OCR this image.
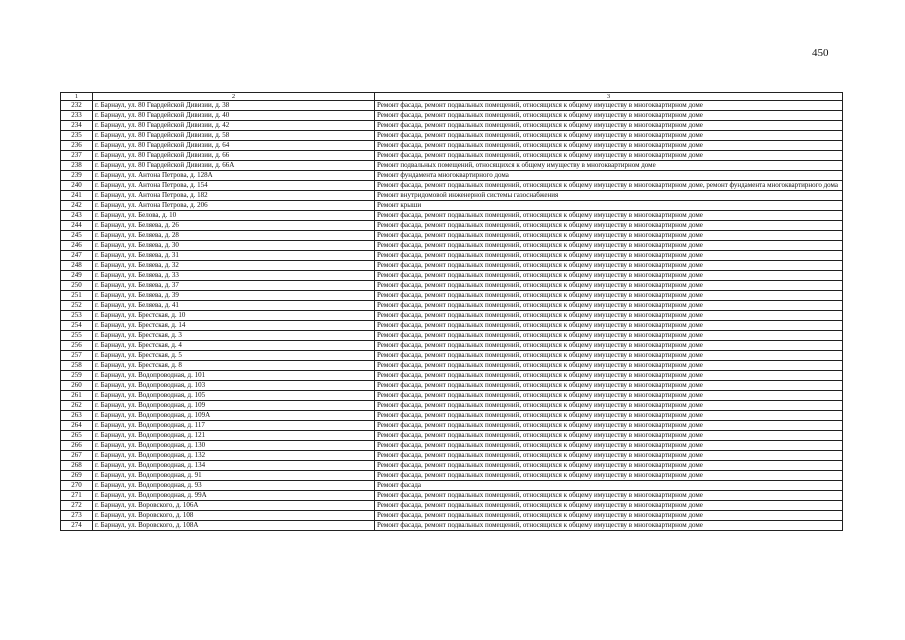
450
1	2	3
232	г. Барнаул, ул. 80 Гвардейской Дивизии, д. 38	Ремонт фасада, ремонт подвальных помещений, относящихся к общему имуществу в многоквартирном доме
233	г. Барнаул, ул. 80 Гвардейской Дивизии, д. 40	Ремонт фасада, ремонт подвальных помещений, относящихся к общему имуществу в многоквартирном доме
234	г. Барнаул, ул. 80 Гвардейской Дивизии, д. 42	Ремонт фасада, ремонт подвальных помещений, относящихся к общему имуществу в многоквартирном доме
235	г. Барнаул, ул. 80 Гвардейской Дивизии, д. 58	Ремонт фасада, ремонт подвальных помещений, относящихся к общему имуществу в многоквартирном доме
236	г. Барнаул, ул. 80 Гвардейской Дивизии, д. 64	Ремонт фасада, ремонт подвальных помещений, относящихся к общему имуществу в многоквартирном доме
237	г. Барнаул, ул. 80 Гвардейской Дивизии, д. 66	Ремонт фасада, ремонт подвальных помещений, относящихся к общему имуществу в многоквартирном доме
238	г. Барнаул, ул. 80 Гвардейской Дивизии, д. 66А	Ремонт подвальных помещений, относящихся к общему имуществу в многоквартирном доме
239	г. Барнаул, ул. Антона Петрова, д. 128А	Ремонт фундамента многоквартирного дома
240	г. Барнаул, ул. Антона Петрова, д. 154	Ремонт фасада, ремонт подвальных помещений, относящихся к общему имуществу в многоквартирном доме, ремонт фундамента многоквартирного дома
241	г. Барнаул, ул. Антона Петрова, д. 182	Ремонт внутридомовой инженерной системы газоснабжения
242	г. Барнаул, ул. Антона Петрова, д. 206	Ремонт крыши
243	г. Барнаул, ул. Белова, д. 10	Ремонт фасада, ремонт подвальных помещений, относящихся к общему имуществу в многоквартирном доме
244	г. Барнаул, ул. Беляева, д. 26	Ремонт фасада, ремонт подвальных помещений, относящихся к общему имуществу в многоквартирном доме
245	г. Барнаул, ул. Беляева, д. 28	Ремонт фасада, ремонт подвальных помещений, относящихся к общему имуществу в многоквартирном доме
246	г. Барнаул, ул. Беляева, д. 30	Ремонт фасада, ремонт подвальных помещений, относящихся к общему имуществу в многоквартирном доме
247	г. Барнаул, ул. Беляева, д. 31	Ремонт фасада, ремонт подвальных помещений, относящихся к общему имуществу в многоквартирном доме
248	г. Барнаул, ул. Беляева, д. 32	Ремонт фасада, ремонт подвальных помещений, относящихся к общему имуществу в многоквартирном доме
249	г. Барнаул, ул. Беляева, д. 33	Ремонт фасада, ремонт подвальных помещений, относящихся к общему имуществу в многоквартирном доме
250	г. Барнаул, ул. Беляева, д. 37	Ремонт фасада, ремонт подвальных помещений, относящихся к общему имуществу в многоквартирном доме
251	г. Барнаул, ул. Беляева, д. 39	Ремонт фасада, ремонт подвальных помещений, относящихся к общему имуществу в многоквартирном доме
252	г. Барнаул, ул. Беляева, д. 41	Ремонт фасада, ремонт подвальных помещений, относящихся к общему имуществу в многоквартирном доме
253	г. Барнаул, ул. Брестская, д. 10	Ремонт фасада, ремонт подвальных помещений, относящихся к общему имуществу в многоквартирном доме
254	г. Барнаул, ул. Брестская, д. 14	Ремонт фасада, ремонт подвальных помещений, относящихся к общему имуществу в многоквартирном доме
255	г. Барнаул, ул. Брестская, д. 3	Ремонт фасада, ремонт подвальных помещений, относящихся к общему имуществу в многоквартирном доме
256	г. Барнаул, ул. Брестская, д. 4	Ремонт фасада, ремонт подвальных помещений, относящихся к общему имуществу в многоквартирном доме
257	г. Барнаул, ул. Брестская, д. 5	Ремонт фасада, ремонт подвальных помещений, относящихся к общему имуществу в многоквартирном доме
258	г. Барнаул, ул. Брестская, д. 8	Ремонт фасада, ремонт подвальных помещений, относящихся к общему имуществу в многоквартирном доме
259	г. Барнаул, ул. Водопроводная, д. 101	Ремонт фасада, ремонт подвальных помещений, относящихся к общему имуществу в многоквартирном доме
260	г. Барнаул, ул. Водопроводная, д. 103	Ремонт фасада, ремонт подвальных помещений, относящихся к общему имуществу в многоквартирном доме
261	г. Барнаул, ул. Водопроводная, д. 105	Ремонт фасада, ремонт подвальных помещений, относящихся к общему имуществу в многоквартирном доме
262	г. Барнаул, ул. Водопроводная, д. 109	Ремонт фасада, ремонт подвальных помещений, относящихся к общему имуществу в многоквартирном доме
263	г. Барнаул, ул. Водопроводная, д. 109А	Ремонт фасада, ремонт подвальных помещений, относящихся к общему имуществу в многоквартирном доме
264	г. Барнаул, ул. Водопроводная, д. 117	Ремонт фасада, ремонт подвальных помещений, относящихся к общему имуществу в многоквартирном доме
265	г. Барнаул, ул. Водопроводная, д. 121	Ремонт фасада, ремонт подвальных помещений, относящихся к общему имуществу в многоквартирном доме
266	г. Барнаул, ул. Водопроводная, д. 130	Ремонт фасада, ремонт подвальных помещений, относящихся к общему имуществу в многоквартирном доме
267	г. Барнаул, ул. Водопроводная, д. 132	Ремонт фасада, ремонт подвальных помещений, относящихся к общему имуществу в многоквартирном доме
268	г. Барнаул, ул. Водопроводная, д. 134	Ремонт фасада, ремонт подвальных помещений, относящихся к общему имуществу в многоквартирном доме
269	г. Барнаул, ул. Водопроводная, д. 91	Ремонт фасада, ремонт подвальных помещений, относящихся к общему имуществу в многоквартирном доме
270	г. Барнаул, ул. Водопроводная, д. 93	Ремонт фасада
271	г. Барнаул, ул. Водопроводная, д. 99А	Ремонт фасада, ремонт подвальных помещений, относящихся к общему имуществу в многоквартирном доме
272	г. Барнаул, ул. Воровского, д. 106А	Ремонт фасада, ремонт подвальных помещений, относящихся к общему имуществу в многоквартирном доме
273	г. Барнаул, ул. Воровского, д. 108	Ремонт фасада, ремонт подвальных помещений, относящихся к общему имуществу в многоквартирном доме
274	г. Барнаул, ул. Воровского, д. 108А	Ремонт фасада, ремонт подвальных помещений, относящихся к общему имуществу в многоквартирном доме
